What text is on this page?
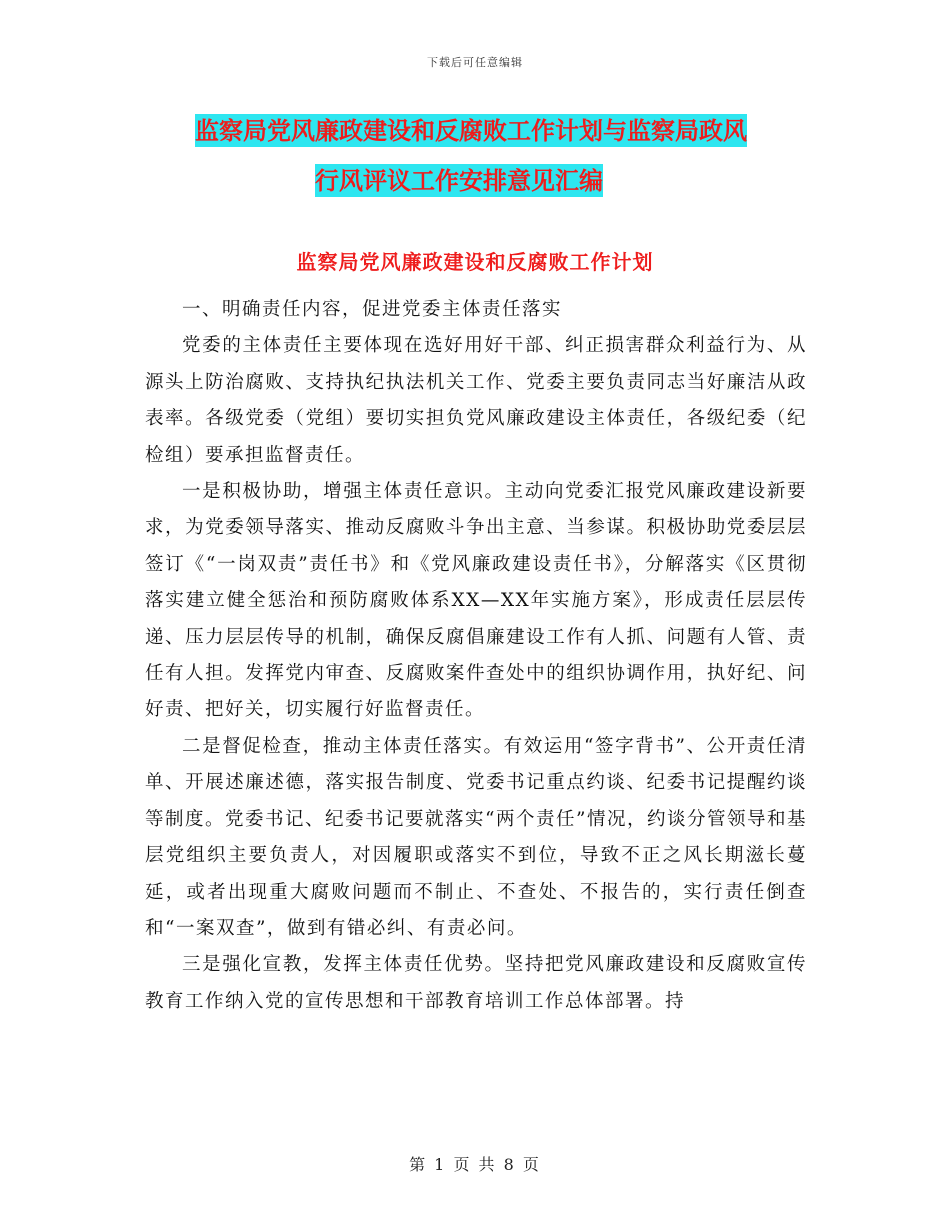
下载后可任意编辑
监察局党风廉政建设和反腐败工作计划与监察局政风
行风评议工作安排意见汇编
监察局党风廉政建设和反腐败工作计划

一、明确责任内容，促进党委主体责任落实

党委的主体责任主要体现在选好用好干部、纠正损害群众利益行为、从源头上防治腐败、支持执纪执法机关工作、党委主要负责同志当好廉洁从政表率。各级党委（党组）要切实担负党风廉政建设主体责任，各级纪委（纪检组）要承担监督责任。

一是积极协助，增强主体责任意识。主动向党委汇报党风廉政建设新要求，为党委领导落实、推动反腐败斗争出主意、当参谋。积极协助党委层层签订《“一岗双责”责任书》和《党风廉政建设责任书》，分解落实《区贯彻落实建立健全惩治和预防腐败体系XX—XX年实施方案》，形成责任层层传递、压力层层传导的机制，确保反腐倡廉建设工作有人抓、问题有人管、责任有人担。发挥党内审查、反腐败案件查处中的组织协调作用，执好纪、问好责、把好关，切实履行好监督责任。

二是督促检查，推动主体责任落实。有效运用“签字背书”、公开责任清单、开展述廉述德，落实报告制度、党委书记重点约谈、纪委书记提醒约谈等制度。党委书记、纪委书记要就落实“两个责任”情况，约谈分管领导和基层党组织主要负责人，对因履职或落实不到位，导致不正之风长期滋长蔓延，或者出现重大腐败问题而不制止、不查处、不报告的，实行责任倒查和“一案双查”，做到有错必纠、有责必问。

三是强化宣教，发挥主体责任优势。坚持把党风廉政建设和反腐败宣传教育工作纳入党的宣传思想和干部教育培训工作总体部署。持

第 1 页 共 8 页
